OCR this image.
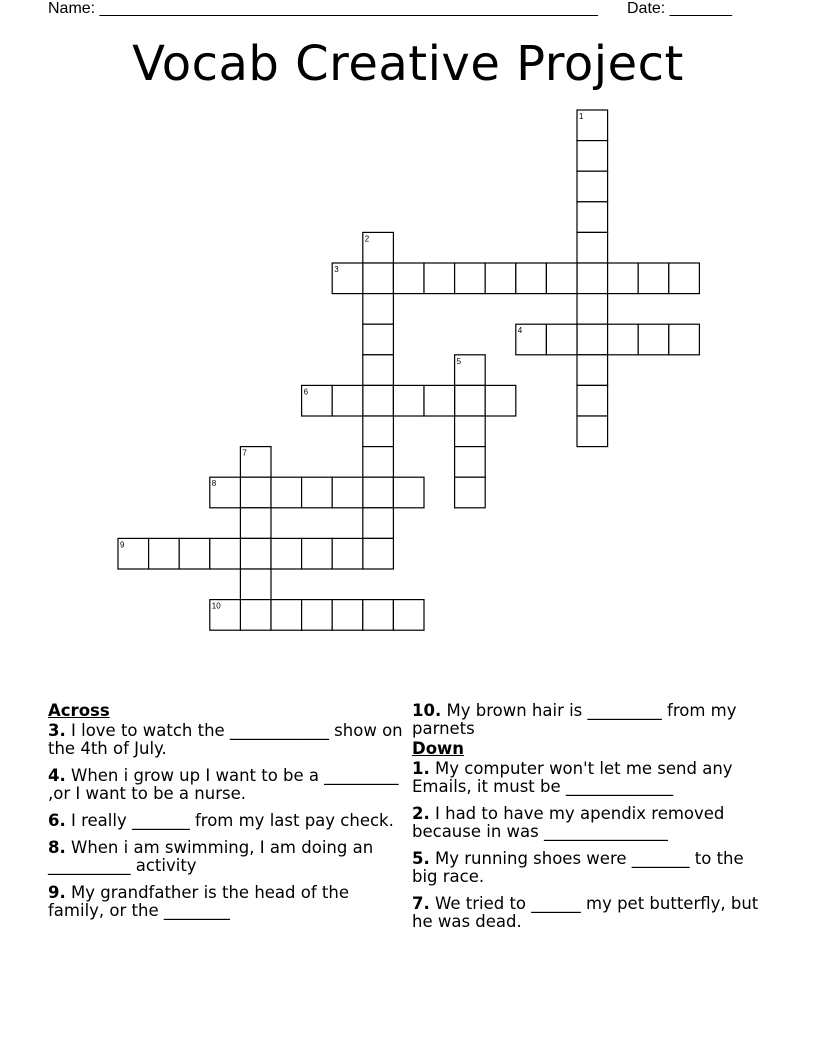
Name: ________________________________________________________ Date: _______
Vocab Creative Project
1
2
3
4
5
6
7
8
9
10
Across
3. I love to watch the ____________ show on the 4th of July.
4. When i grow up I want to be a _________ ,or I want to be a nurse.
6. I really _______ from my last pay check.
8. When i am swimming, I am doing an __________ activity
9. My grandfather is the head of the family, or the ________
10. My brown hair is _________ from my parnets
Down
1. My computer won't let me send any Emails, it must be _____________
2. I had to have my apendix removed because in was _______________
5. My running shoes were _______ to the big race.
7. We tried to ______ my pet butterfly, but he was dead.
